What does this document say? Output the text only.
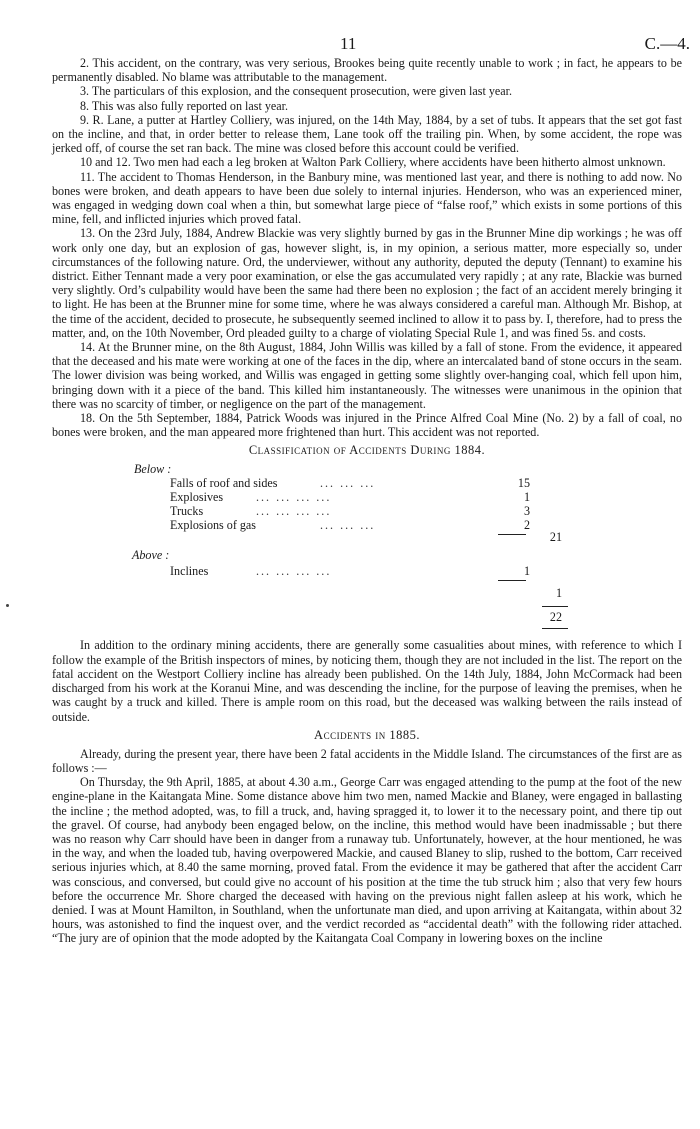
11	C.—4.

2. This accident, on the contrary, was very serious, Brookes being quite recently unable to work ; in fact, he appears to be permanently disabled. No blame was attributable to the management.

3. The particulars of this explosion, and the consequent prosecution, were given last year.

8. This was also fully reported on last year.

9. R. Lane, a putter at Hartley Colliery, was injured, on the 14th May, 1884, by a set of tubs. It appears that the set got fast on the incline, and that, in order better to release them, Lane took off the trailing pin. When, by some accident, the rope was jerked off, of course the set ran back. The mine was closed before this account could be verified.

10 and 12. Two men had each a leg broken at Walton Park Colliery, where accidents have been hitherto almost unknown.

11. The accident to Thomas Henderson, in the Banbury mine, was mentioned last year, and there is nothing to add now. No bones were broken, and death appears to have been due solely to internal injuries. Henderson, who was an experienced miner, was engaged in wedging down coal when a thin, but somewhat large piece of “false roof,” which exists in some portions of this mine, fell, and inflicted injuries which proved fatal.

13. On the 23rd July, 1884, Andrew Blackie was very slightly burned by gas in the Brunner Mine dip workings ; he was off work only one day, but an explosion of gas, however slight, is, in my opinion, a serious matter, more especially so, under circumstances of the following nature. Ord, the underviewer, without any authority, deputed the deputy (Tennant) to examine his district. Either Tennant made a very poor examination, or else the gas accumulated very rapidly ; at any rate, Blackie was burned very slightly. Ord’s culpability would have been the same had there been no explosion ; the fact of an accident merely bringing it to light. He has been at the Brunner mine for some time, where he was always considered a careful man. Although Mr. Bishop, at the time of the accident, decided to prosecute, he subsequently seemed inclined to allow it to pass by. I, therefore, had to press the matter, and, on the 10th November, Ord pleaded guilty to a charge of violating Special Rule 1, and was fined 5s. and costs.

14. At the Brunner mine, on the 8th August, 1884, John Willis was killed by a fall of stone. From the evidence, it appeared that the deceased and his mate were working at one of the faces in the dip, where an intercalated band of stone occurs in the seam. The lower division was being worked, and Willis was engaged in getting some slightly over-hanging coal, which fell upon him, bringing down with it a piece of the band. This killed him instantaneously. The witnesses were unanimous in the opinion that there was no scarcity of timber, or negligence on the part of the management.

18. On the 5th September, 1884, Patrick Woods was injured in the Prince Alfred Coal Mine (No. 2) by a fall of coal, no bones were broken, and the man appeared more frightened than hurt. This accident was not reported.

Classification of Accidents During 1884.
Below :
Falls of roof and sides	... ... ...	15
Explosives	... ... ... ...	1
Trucks	... ... ... ...	3
Explosions of gas	... ... ...	2
21
Above :
Inclines	... ... ... ...	1
1
22

In addition to the ordinary mining accidents, there are generally some casualities about mines, with reference to which I follow the example of the British inspectors of mines, by noticing them, though they are not included in the list. The report on the fatal accident on the Westport Colliery incline has already been published. On the 14th July, 1884, John McCormack had been discharged from his work at the Koranui Mine, and was descending the incline, for the purpose of leaving the premises, when he was caught by a truck and killed. There is ample room on this road, but the deceased was walking between the rails instead of outside.

Accidents in 1885.

Already, during the present year, there have been 2 fatal accidents in the Middle Island. The circumstances of the first are as follows :—

On Thursday, the 9th April, 1885, at about 4.30 a.m., George Carr was engaged attending to the pump at the foot of the new engine-plane in the Kaitangata Mine. Some distance above him two men, named Mackie and Blaney, were engaged in ballasting the incline ; the method adopted, was, to fill a truck, and, having spragged it, to lower it to the necessary point, and there tip out the gravel. Of course, had anybody been engaged below, on the incline, this method would have been inadmissable ; but there was no reason why Carr should have been in danger from a runaway tub. Unfortunately, however, at the hour mentioned, he was in the way, and when the loaded tub, having overpowered Mackie, and caused Blaney to slip, rushed to the bottom, Carr received serious injuries which, at 8.40 the same morning, proved fatal. From the evidence it may be gathered that after the accident Carr was conscious, and conversed, but could give no account of his position at the time the tub struck him ; also that very few hours before the occurrence Mr. Shore charged the deceased with having on the previous night fallen asleep at his work, which he denied. I was at Mount Hamilton, in Southland, when the unfortunate man died, and upon arriving at Kaitangata, within about 32 hours, was astonished to find the inquest over, and the verdict recorded as “accidental death” with the following rider attached. “The jury are of opinion that the mode adopted by the Kaitangata Coal Company in lowering boxes on the incline
